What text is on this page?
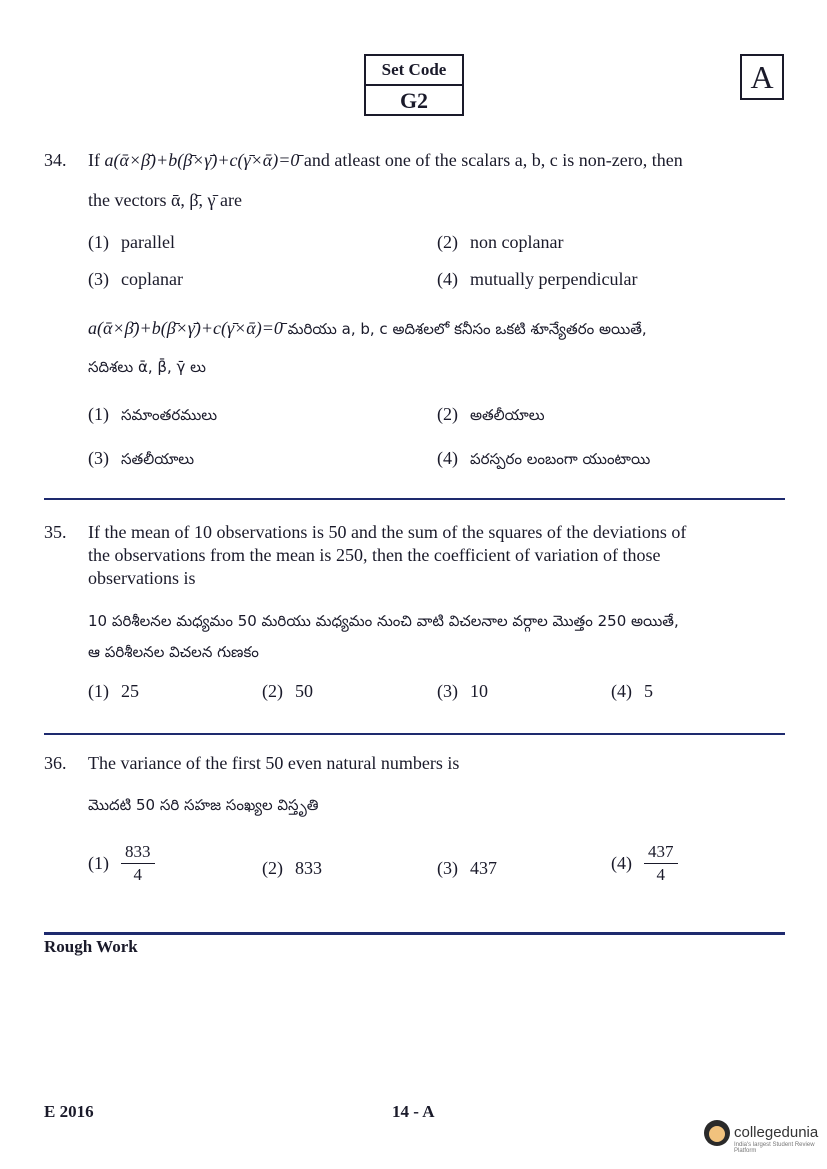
Set Code
G2
A
34. If a(ᾱ×β̄)+b(β̄×γ̄)+c(γ̄×ᾱ)=0̄ and atleast one of the scalars a, b, c is non-zero, then
the vectors ᾱ, β̄, γ̄ are
(1) parallel	(2) non coplanar
(3) coplanar	(4) mutually perpendicular
a(ᾱ×β̄)+b(β̄×γ̄)+c(γ̄×ᾱ)=0̄ మరియు a, b, c అదిశలలో కనీసం ఒకటి శూన్యేతరం అయితే,
సదిశలు ᾱ, β̄, γ̄ లు
(1) సమాంతరములు	(2) అతలీయాలు
(3) సతలీయాలు	(4) పరస్పరం లంబంగా యుంటాయి
35. If the mean of 10 observations is 50 and the sum of the squares of the deviations of
the observations from the mean is 250, then the coefficient of variation of those
observations is
10 పరిశీలనల మధ్యమం 50 మరియు మధ్యమం నుంచి వాటి విచలనాల వర్గాల మొత్తం 250 అయితే,
ఆ పరిశీలనల విచలన గుణకం
(1) 25	(2) 50	(3) 10	(4) 5
36. The variance of the first 50 even natural numbers is
మొదటి 50 సరి సహజ సంఖ్యల విస్తృతి
$(1) \frac{833}{4}$	(2) 833	(3) 437	$(4) \frac{437}{4}$
Rough Work
E 2016	14 - A
collegedunia
India's largest Student Review Platform
